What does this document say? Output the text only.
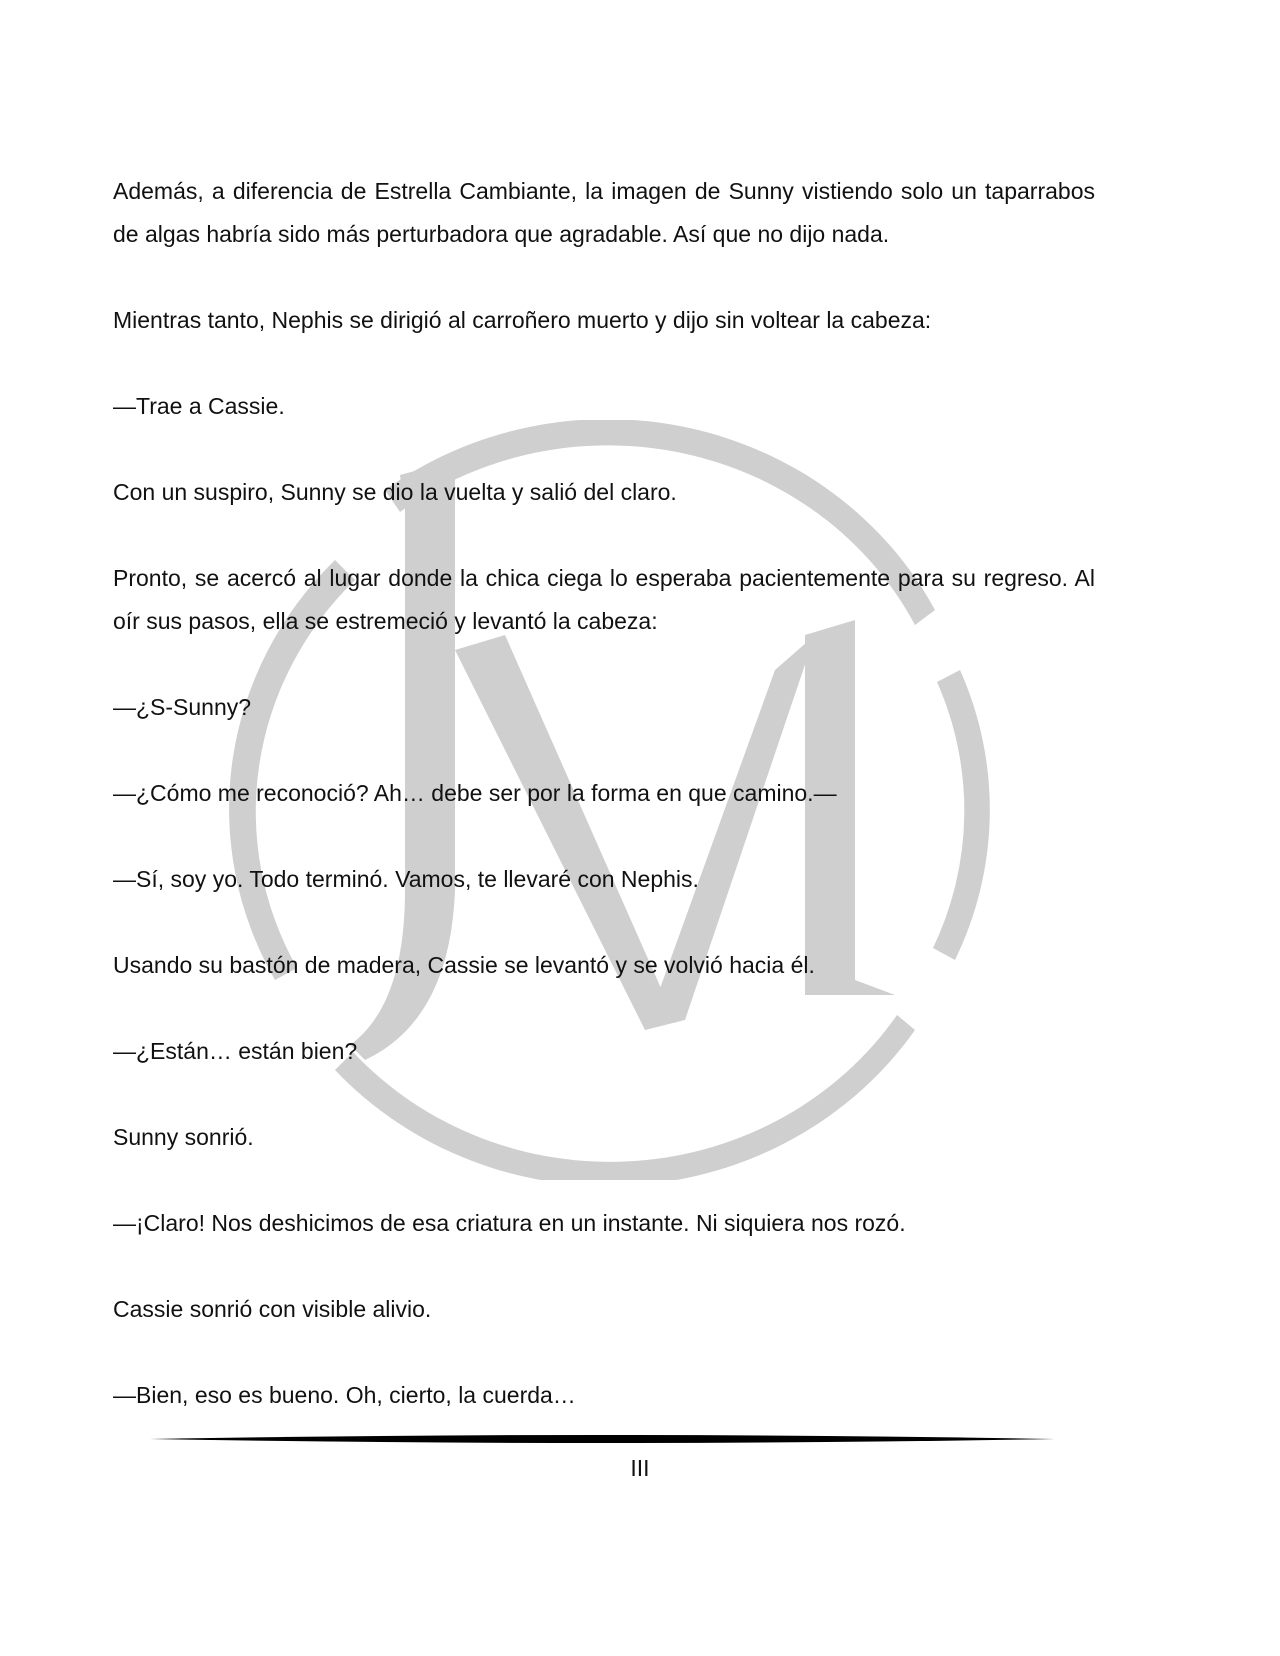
Además, a diferencia de Estrella Cambiante, la imagen de Sunny vistiendo solo un taparrabos de algas habría sido más perturbadora que agradable. Así que no dijo nada.

Mientras tanto, Nephis se dirigió al carroñero muerto y dijo sin voltear la cabeza:

—Trae a Cassie.

Con un suspiro, Sunny se dio la vuelta y salió del claro.

Pronto, se acercó al lugar donde la chica ciega lo esperaba pacientemente para su regreso. Al oír sus pasos, ella se estremeció y levantó la cabeza:

—¿S-Sunny?

—¿Cómo me reconoció? Ah… debe ser por la forma en que camino.—

—Sí, soy yo. Todo terminó. Vamos, te llevaré con Nephis.

Usando su bastón de madera, Cassie se levantó y se volvió hacia él.

—¿Están… están bien?

Sunny sonrió.

—¡Claro! Nos deshicimos de esa criatura en un instante. Ni siquiera nos rozó.

Cassie sonrió con visible alivio.

—Bien, eso es bueno. Oh, cierto, la cuerda…

III
